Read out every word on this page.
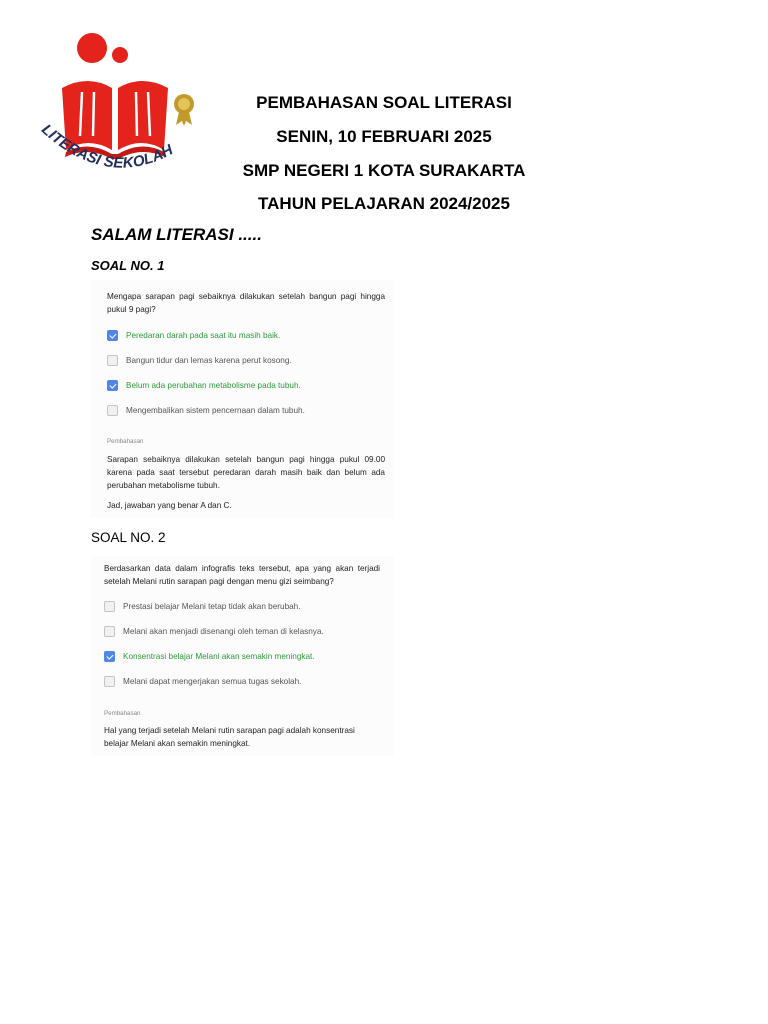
LITERASI SEKOLAH
PEMBAHASAN SOAL LITERASI
SENIN, 10 FEBRUARI 2025
SMP NEGERI 1 KOTA SURAKARTA
TAHUN PELAJARAN 2024/2025
SALAM LITERASI .....
SOAL NO. 1
Mengapa sarapan pagi sebaiknya dilakukan setelah bangun pagi hingga pukul 9 pagi?
Peredaran darah pada saat itu masih baik.
Bangun tidur dan lemas karena perut kosong.
Belum ada perubahan metabolisme pada tubuh.
Mengembalikan sistem pencernaan dalam tubuh.
Pembahasan
Sarapan sebaiknya dilakukan setelah bangun pagi hingga pukul 09.00 karena pada saat tersebut peredaran darah masih baik dan belum ada perubahan metabolisme tubuh.
Jad, jawaban yang benar A dan C.
SOAL NO. 2
Berdasarkan data dalam infografis teks tersebut, apa yang akan terjadi setelah Melani rutin sarapan pagi dengan menu gizi seimbang?
Prestasi belajar Melani tetap tidak akan berubah.
Melani akan menjadi disenangi oleh teman di kelasnya.
Konsentrasi belajar Melani akan semakin meningkat.
Melani dapat mengerjakan semua tugas sekolah.
Pembahasan
Hal yang terjadi setelah Melani rutin sarapan pagi adalah konsentrasi belajar Melani akan semakin meningkat.
